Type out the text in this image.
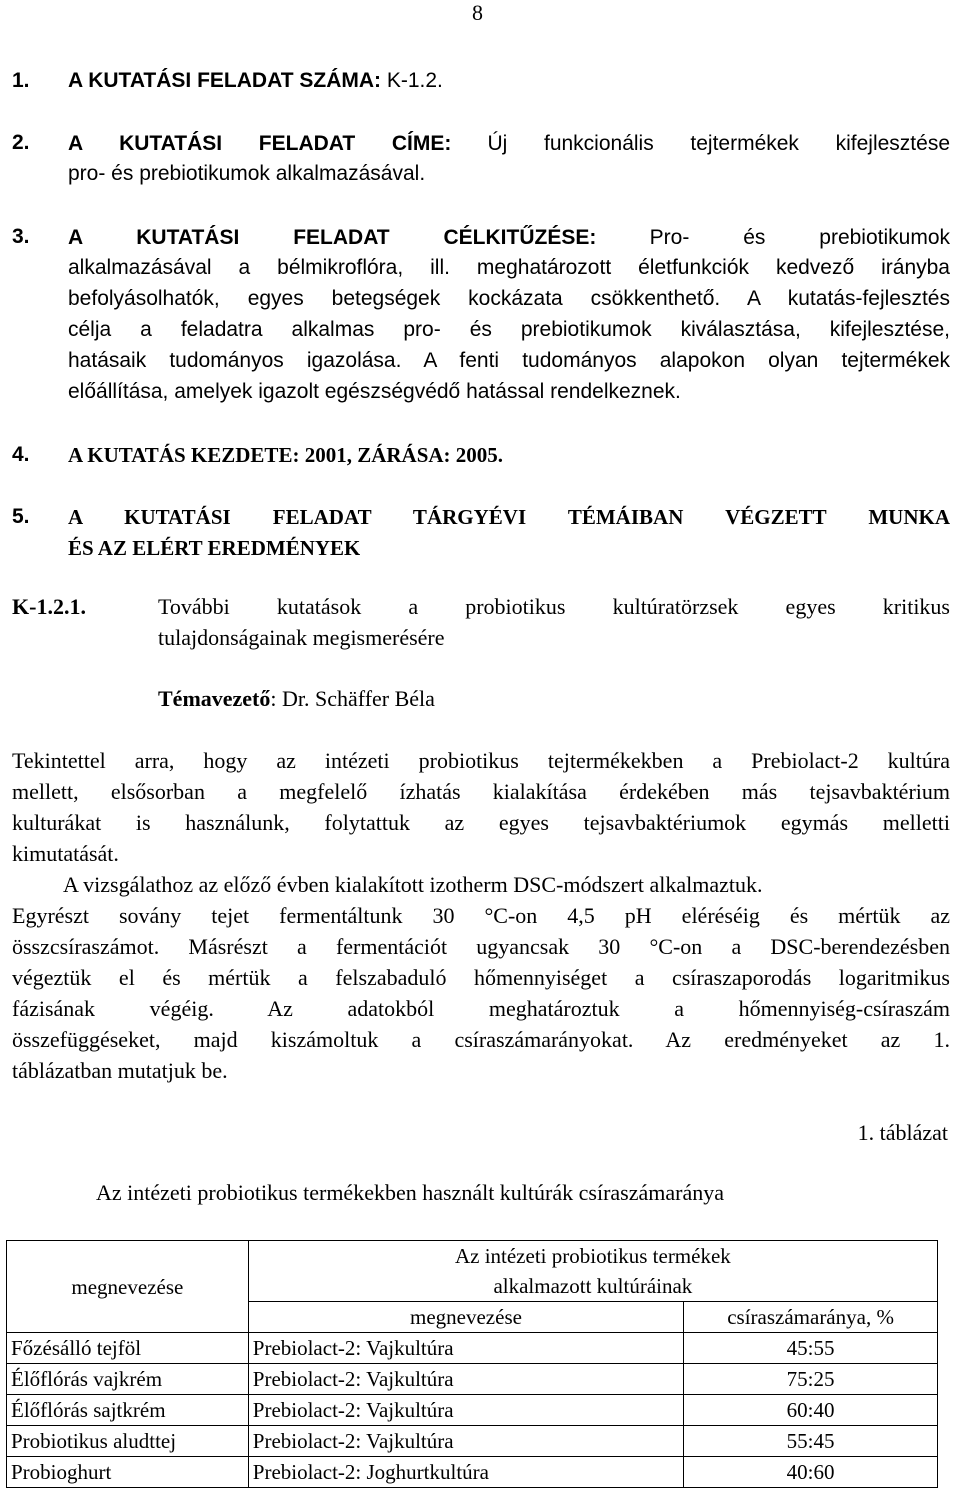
8
1. A KUTATÁSI FELADAT SZÁMA: K-1.2.
2. A KUTATÁSI FELADAT CÍME: Új funkcionális tejtermékek kifejlesztése
pro- és prebiotikumok alkalmazásával.
3. A KUTATÁSI FELADAT CÉLKITŰZÉSE:	Pro- és prebiotikumok
alkalmazásával a bélmikroflóra, ill. meghatározott életfunkciók kedvező irányba
befolyásolhatók, egyes betegségek kockázata csökkenthető. A kutatás-fejlesztés
célja a feladatra alkalmas pro- és prebiotikumok kiválasztása, kifejlesztése,
hatásaik tudományos igazolása. A fenti tudományos alapokon olyan tejtermékek
előállítása, amelyek igazolt egészségvédő hatással rendelkeznek.
4. A KUTATÁS KEZDETE: 2001, ZÁRÁSA: 2005.
5. A KUTATÁSI FELADAT TÁRGYÉVI TÉMÁIBAN VÉGZETT MUNKA
ÉS AZ ELÉRT EREDMÉNYEK
K-1.2.1.	További kutatások a probiotikus kultúratörzsek egyes kritikus
tulajdonságainak megismerésére
Témavezető: Dr. Schäffer Béla
Tekintettel arra, hogy az intézeti probiotikus tejtermékekben a Prebiolact-2 kultúra
mellett, elsősorban a megfelelő ízhatás kialakítása érdekében más tejsavbaktérium
kulturákat is használunk, folytattuk az egyes tejsavbaktériumok egymás melletti
kimutatását.
A vizsgálathoz az előző évben kialakított izotherm DSC-módszert alkalmaztuk.
Egyrészt sovány tejet fermentáltunk 30 °C-on 4,5 pH eléréséig és mértük az
összcsíraszámot. Másrészt a fermentációt ugyancsak 30 °C-on a DSC-berendezésben
végeztük el és mértük a felszabaduló hőmennyiséget a csíraszaporodás logaritmikus
fázisának végéig. Az adatokból meghatároztuk a hőmennyiség-csíraszám
összefüggéseket, majd kiszámoltuk a csíraszámarányokat. Az eredményeket az 1.
táblázatban mutatjuk be.
1. táblázat
Az intézeti probiotikus termékekben használt kultúrák csíraszámaránya
megnevezése	Az intézeti probiotikus termékek	
	alkalmazott kultúráinak	
	megnevezése	csíraszámaránya, %
Főzésálló tejföl	Prebiolact-2: Vajkultúra	45:55
Élőflórás vajkrém	Prebiolact-2: Vajkultúra	75:25
Élőflórás sajtkrém	Prebiolact-2: Vajkultúra	60:40
Probiotikus aludttej	Prebiolact-2: Vajkultúra	55:45
Probioghurt	Prebiolact-2: Joghurtkultúra	40:60
